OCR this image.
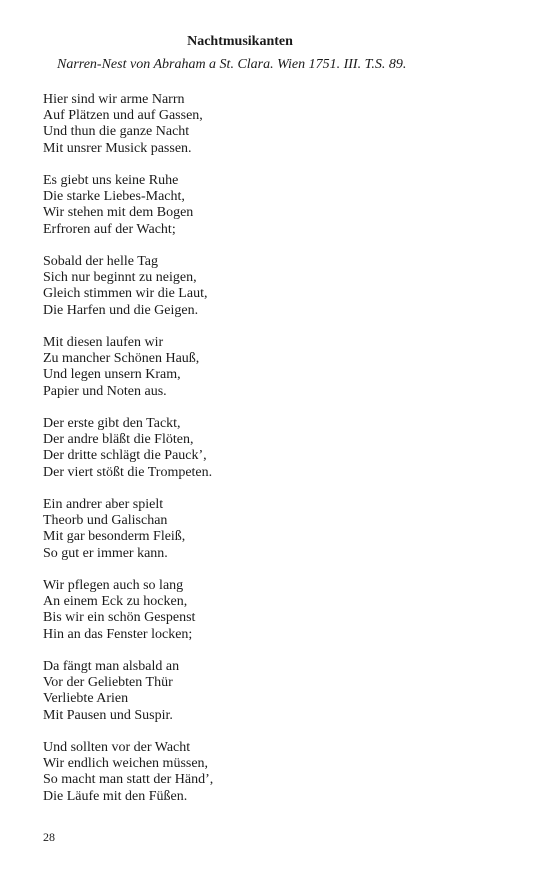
Nachtmusikanten
Narren-Nest von Abraham a St. Clara. Wien 1751. III. T.S. 89.
Hier sind wir arme Narrn
Auf Plätzen und auf Gassen,
Und thun die ganze Nacht
Mit unsrer Musick passen.
Es giebt uns keine Ruhe
Die starke Liebes-Macht,
Wir stehen mit dem Bogen
Erfroren auf der Wacht;
Sobald der helle Tag
Sich nur beginnt zu neigen,
Gleich stimmen wir die Laut,
Die Harfen und die Geigen.
Mit diesen laufen wir
Zu mancher Schönen Hauß,
Und legen unsern Kram,
Papier und Noten aus.
Der erste gibt den Tackt,
Der andre bläßt die Flöten,
Der dritte schlägt die Pauck’,
Der viert stößt die Trompeten.
Ein andrer aber spielt
Theorb und Galischan
Mit gar besonderm Fleiß,
So gut er immer kann.
Wir pflegen auch so lang
An einem Eck zu hocken,
Bis wir ein schön Gespenst
Hin an das Fenster locken;
Da fängt man alsbald an
Vor der Geliebten Thür
Verliebte Arien
Mit Pausen und Suspir.
Und sollten vor der Wacht
Wir endlich weichen müssen,
So macht man statt der Händ’,
Die Läufe mit den Füßen.
28
